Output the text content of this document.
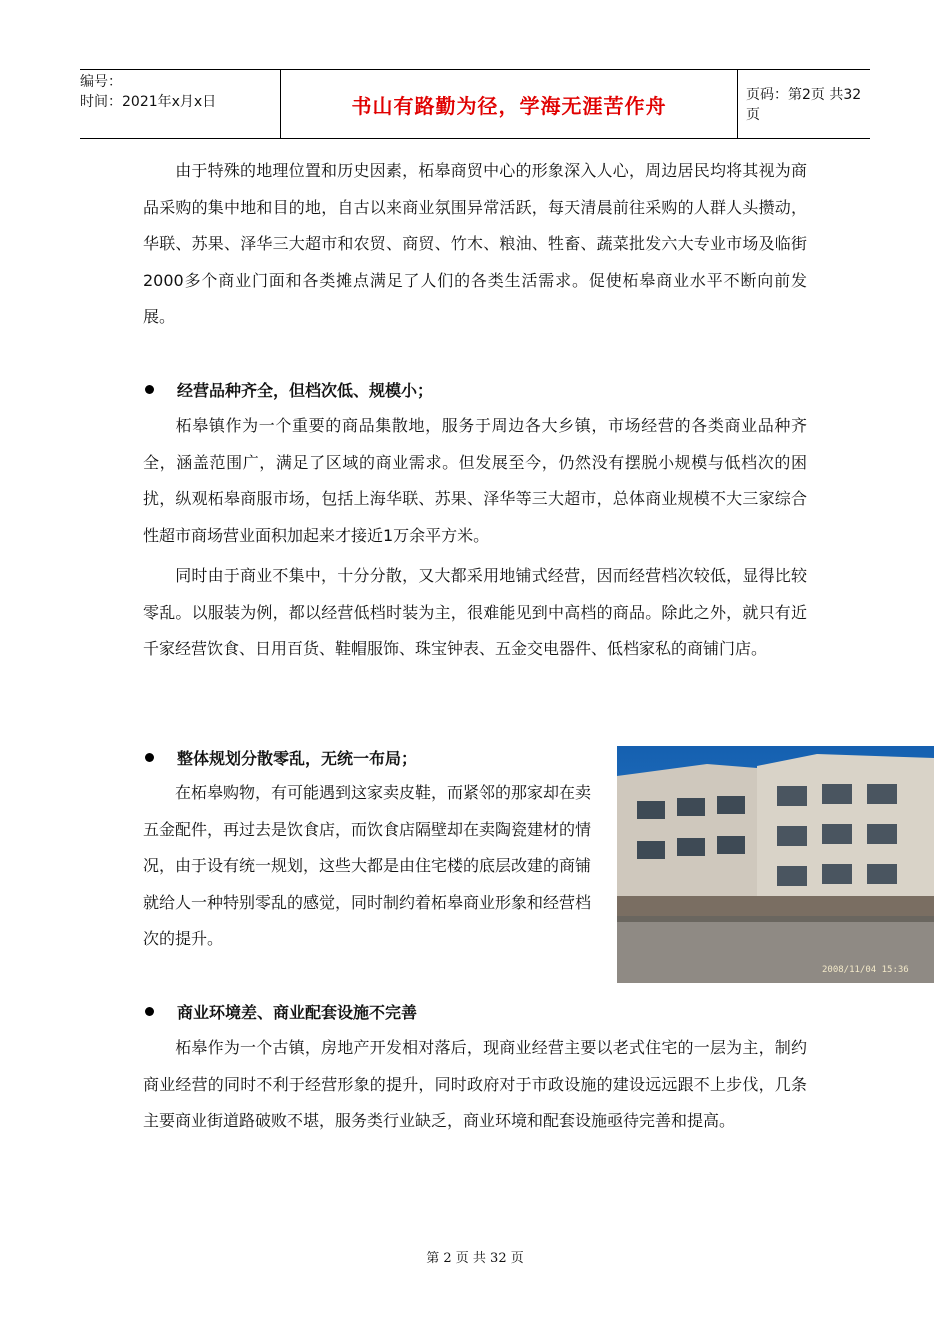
编号：
时间：2021年x月x日	书山有路勤为径，学海无涯苦作舟	页码：第2页 共32页
由于特殊的地理位置和历史因素，柘皋商贸中心的形象深入人心，周边居民均将其视为商品采购的集中地和目的地，自古以来商业氛围异常活跃，每天清晨前往采购的人群人头攒动，华联、苏果、泽华三大超市和农贸、商贸、竹木、粮油、牲畜、蔬菜批发六大专业市场及临街2000多个商业门面和各类摊点满足了人们的各类生活需求。促使柘皋商业水平不断向前发展。
经营品种齐全，但档次低、规模小；
柘皋镇作为一个重要的商品集散地，服务于周边各大乡镇，市场经营的各类商业品种齐全，涵盖范围广，满足了区域的商业需求。但发展至今，仍然没有摆脱小规模与低档次的困扰，纵观柘皋商服市场，包括上海华联、苏果、泽华等三大超市，总体商业规模不大三家综合性超市商场营业面积加起来才接近1万余平方米。
同时由于商业不集中，十分分散，又大都采用地铺式经营，因而经营档次较低，显得比较零乱。以服装为例，都以经营低档时装为主，很难能见到中高档的商品。除此之外，就只有近千家经营饮食、日用百货、鞋帽服饰、珠宝钟表、五金交电器件、低档家私的商铺门店。
整体规划分散零乱，无统一布局；
在柘皋购物，有可能遇到这家卖皮鞋，而紧邻的那家却在卖
五金配件，再过去是饮食店，而饮食店隔壁却在卖陶瓷建材的情
况，由于设有统一规划，这些大都是由住宅楼的底层改建的商铺
就给人一种特别零乱的感觉，同时制约着柘皋商业形象和经营档
次的提升。
2008/11/04 15:36
商业环境差、商业配套设施不完善
柘皋作为一个古镇，房地产开发相对落后，现商业经营主要以老式住宅的一层为主，制约商业经营的同时不利于经营形象的提升，同时政府对于市政设施的建设远远跟不上步伐，几条主要商业街道路破败不堪，服务类行业缺乏，商业环境和配套设施亟待完善和提高。
第 2 页 共 32 页
